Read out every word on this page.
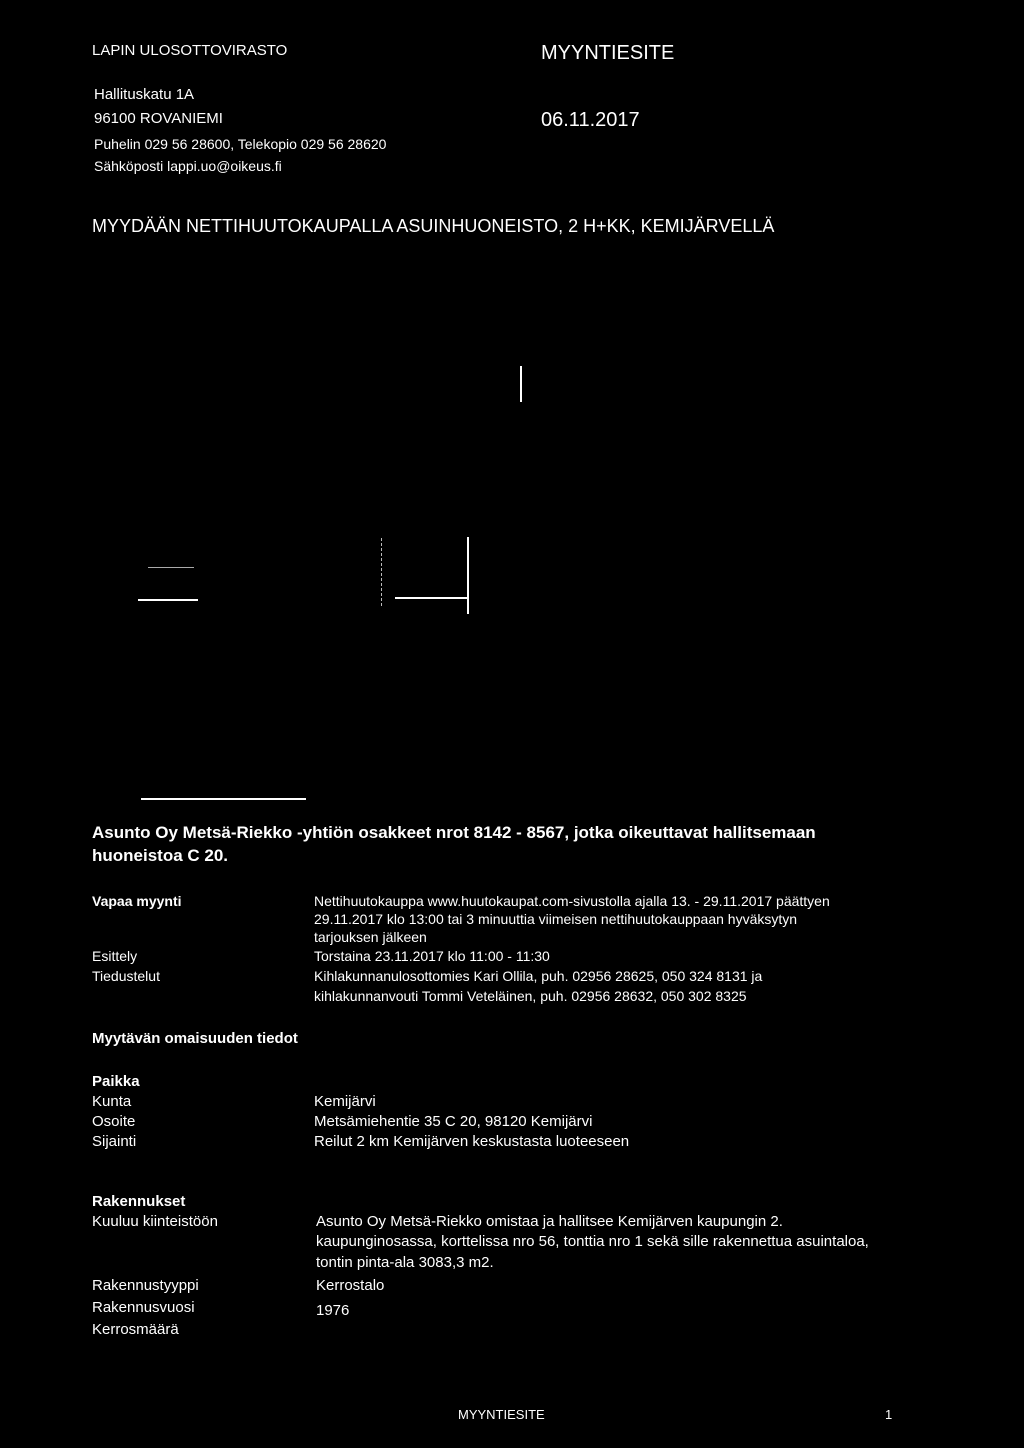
LAPIN ULOSOTTOVIRASTO	MYYNTIESITE
Hallituskatu 1A
96100 ROVANIEMI	06.11.2017
Puhelin 029 56 28600, Telekopio 029 56 28620
Sähköposti lappi.uo@oikeus.fi
MYYDÄÄN NETTIHUUTOKAUPALLA ASUINHUONEISTO, 2 H+KK, KEMIJÄRVELLÄ
Asunto Oy Metsä-Riekko -yhtiön osakkeet nrot 8142 - 8567, jotka oikeuttavat hallitsemaan
huoneistoa C 20.
Vapaa myynti	Nettihuutokauppa www.huutokaupat.com-sivustolla ajalla 13. - 29.11.2017 päättyen
29.11.2017 klo 13:00 tai 3 minuuttia viimeisen nettihuutokauppaan hyväksytyn
tarjouksen jälkeen
Esittely	Torstaina 23.11.2017 klo 11:00 - 11:30
Tiedustelut	Kihlakunnanulosottomies Kari Ollila, puh. 02956 28625, 050 324 8131 ja
kihlakunnanvouti Tommi Veteläinen, puh. 02956 28632, 050 302 8325
Myytävän omaisuuden tiedot
Paikka
Kunta	Kemijärvi
Osoite	Metsämiehentie 35 C 20, 98120 Kemijärvi
Sijainti	Reilut 2 km Kemijärven keskustasta luoteeseen
Rakennukset
Kuuluu kiinteistöön	Asunto Oy Metsä-Riekko omistaa ja hallitsee Kemijärven kaupungin 2.
kaupunginosassa, korttelissa nro 56, tonttia nro 1 sekä sille rakennettua asuintaloa,
tontin pinta-ala 3083,3 m2.
Rakennustyyppi	Kerrostalo
Rakennusvuosi	1976
Kerrosmäärä
MYYNTIESITE	1
